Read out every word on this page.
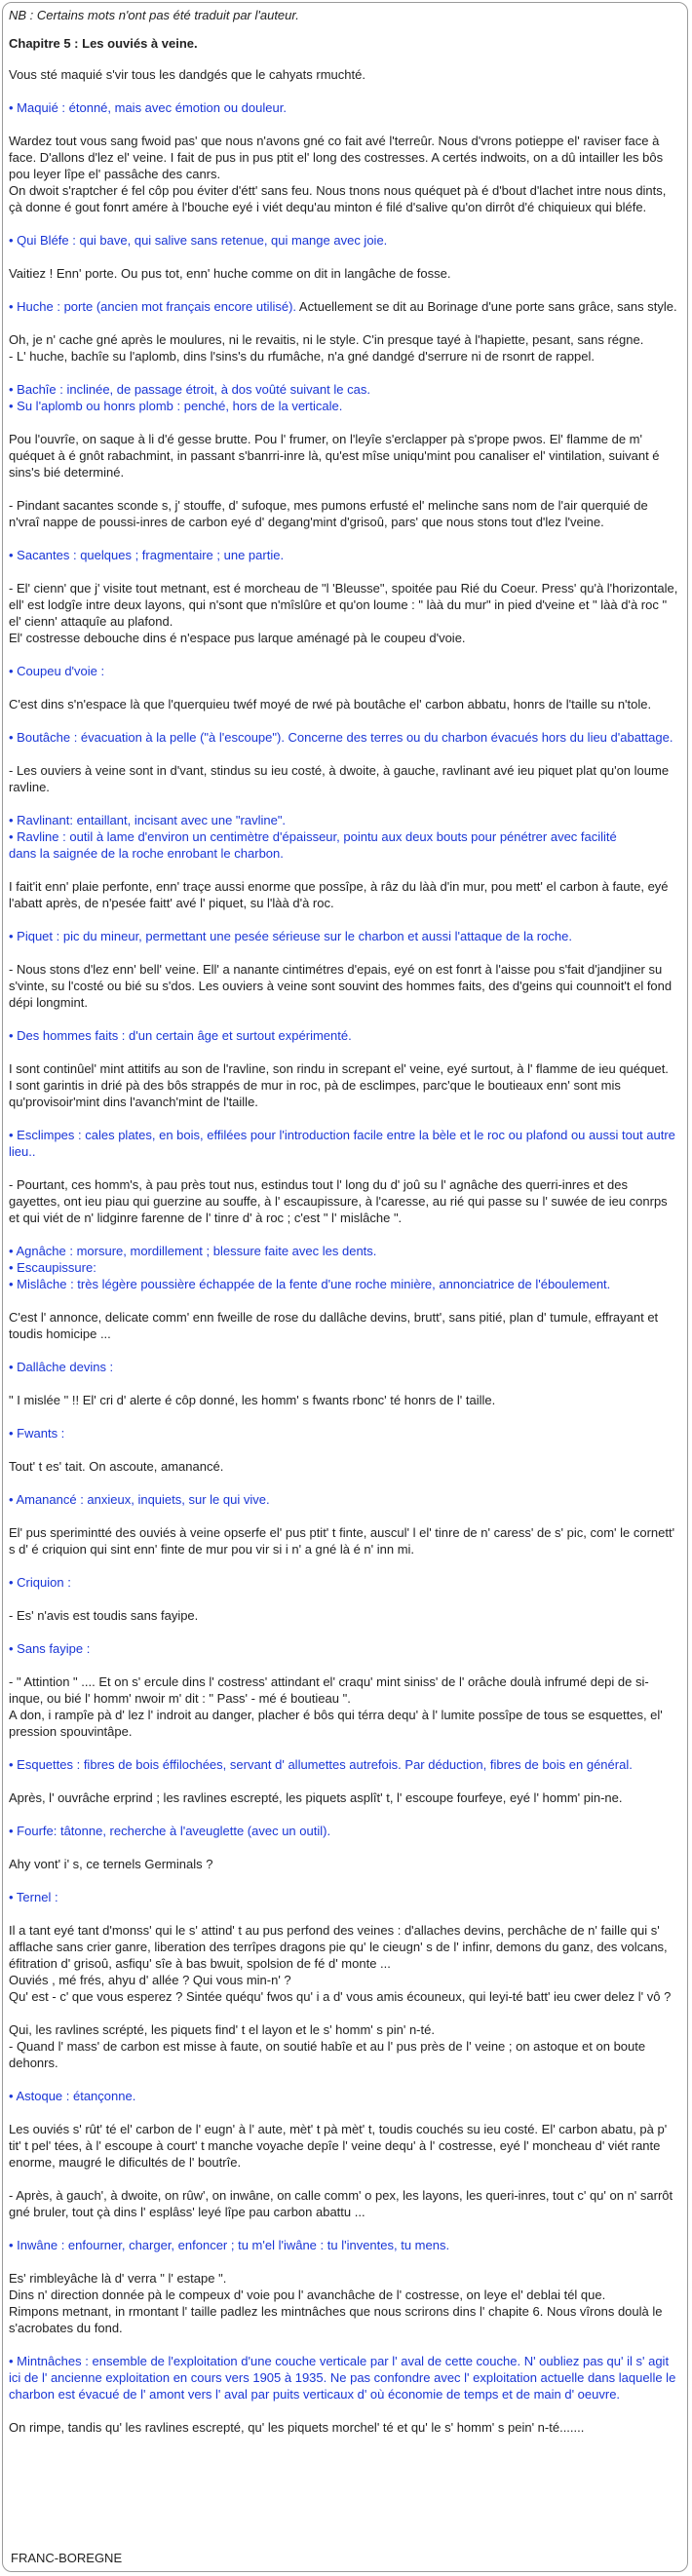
NB : Certains mots n'ont pas été traduit par l'auteur.
Chapitre 5 : Les ouviés à veine.

Vous sté maquié s'vir tous les dandgés que le cahyats rmuchté.

• Maquié : étonné, mais avec émotion ou douleur.

Wardez tout vous sang fwoid pas' que nous n'avons gné co fait avé l'terreûr. Nous d'vrons potieppe el' raviser face à face. D'allons d'lez el' veine. I fait de pus in pus ptit el' long des costresses. A certés indwoits, on a dû intailler les bôs pou leyer lîpe el' passâche des canrs.
On dwoit s'raptcher é fel côp pou éviter d'étt' sans feu. Nous tnons nous quéquet pà é d'bout d'lachet intre nous dints, çà donne é gout fonrt amére à l'bouche eyé i viét dequ'au minton é filé d'salive qu'on dirrôt d'é chiquieux qui bléfe.

• Qui Bléfe : qui bave, qui salive sans retenue, qui mange avec joie.

Vaitiez ! Enn' porte. Ou pus tot, enn' huche comme on dit in langâche de fosse.

• Huche : porte (ancien mot français encore utilisé). Actuellement se dit au Borinage d'une porte sans grâce, sans style.

Oh, je n' cache gné après le moulures, ni le revaitis, ni le style. C'in presque tayé à l'hapiette, pesant, sans régne.
- L' huche, bachîe su l'aplomb, dins l'sins's du rfumâche, n'a gné dandgé d'serrure ni de rsonrt de rappel.

• Bachîe : inclinée, de passage étroit, à dos voûté suivant le cas.
• Su l'aplomb ou honrs plomb : penché, hors de la verticale.

Pou l'ouvrîe, on saque à li d'é gesse brutte. Pou l' frumer, on l'leyîe s'erclapper pà s'prope pwos. El' flamme de m' quéquet à é gnôt rabachmint, in passant s'banrri-inre là, qu'est mîse uniqu'mint pou canaliser el' vintilation, suivant é sins's bié determiné.

- Pindant sacantes sconde s, j' stouffe, d' sufoque, mes pumons erfusté el' melinche sans nom de l'air querquié de n'vraî nappe de poussi-inres de carbon eyé d' degang'mint d'grisoû, pars' que nous stons tout d'lez l'veine.

• Sacantes : quelques ; fragmentaire ; une partie.

- El' cienn' que j' visite tout metnant, est é morcheau de "l 'Bleusse", spoitée pau Rié du Coeur. Press' qu'à l'horizontale, ell' est lodgîe intre deux layons, qui n'sont que n'mîslûre et qu'on loume : " làà du mur" in pied d'veine et " làà d'à roc " el' cienn' attaquîe au plafond.
El' costresse debouche dins é n'espace pus larque aménagé pà le coupeu d'voie.

• Coupeu d'voie :

C'est dins s'n'espace là que l'querquieu twéf moyé de rwé pà boutâche el' carbon abbatu, honrs de l'taille su n'tole.

• Boutâche : évacuation à la pelle ("à l'escoupe"). Concerne des terres ou du charbon évacués hors du lieu d'abattage.

- Les ouviers à veine sont in d'vant, stindus su ieu costé, à dwoite, à gauche, ravlinant avé ieu piquet plat qu'on loume ravline.

• Ravlinant: entaillant, incisant avec une "ravline".
• Ravline : outil à lame d'environ un centimètre d'épaisseur, pointu aux deux bouts pour pénétrer avec facilité
dans la saignée de la roche enrobant le charbon.

I fait'it enn' plaie perfonte, enn' traçe aussi enorme que possîpe, à râz du làà d'in mur, pou mett' el carbon à faute, eyé l'abatt après, de n'pesée faitt' avé l' piquet, su l'làà d'à roc.

• Piquet : pic du mineur, permettant une pesée sérieuse sur le charbon et aussi l'attaque de la roche.

- Nous stons d'lez enn' bell' veine. Ell' a nanante cintimétres d'epais, eyé on est fonrt à l'aisse pou s'fait d'jandjiner su s'vinte, su l'costé ou bié su s'dos. Les ouviers à veine sont souvint des hommes faits, des d'geins qui counnoit't el fond dépi longmint.

• Des hommes faits : d'un certain âge et surtout expérimenté.

I sont continûel' mint attitifs au son de l'ravline, son rindu in screpant el' veine, eyé surtout, à l' flamme de ieu quéquet.
I sont garintis in drié pà des bôs strappés de mur in roc, pà de esclimpes, parc'que le boutieaux enn' sont mis qu'provisoir'mint dins l'avanch'mint de l'taille.

• Esclimpes : cales plates, en bois, effilées pour l'introduction facile entre la bèle et le roc ou plafond ou aussi tout autre lieu..

- Pourtant, ces homm's, à pau près tout nus, estindus tout l' long du d' joû su l' agnâche des querri-inres et des gayettes, ont ieu piau qui guerzine au souffe, à l' escaupissure, à l'caresse, au rié qui passe su l' suwée de ieu conrps et qui viét de n' lidginre farenne de l' tinre d' à roc ; c'est " l' mislâche ".

• Agnâche : morsure, mordillement ; blessure faite avec les dents.
• Escaupissure:
• Mislâche : très légère poussière échappée de la fente d'une roche minière, annonciatrice de l'éboulement.

C'est l' annonce, delicate comm' enn fweille de rose du dallâche devins, brutt', sans pitié, plan d' tumule, effrayant et toudis homicipe ...

• Dallâche devins :

" I mislée " !! El' cri d' alerte é côp donné, les homm' s fwants rbonc' té honrs de l' taille.

• Fwants :

Tout' t es' tait. On ascoute, amanancé.

• Amanancé : anxieux, inquiets, sur le qui vive.

El' pus sperimintté des ouviés à veine opserfe el' pus ptit' t finte, auscul' l el' tinre de n' caress' de s' pic, com' le cornett' s d' é criquion qui sint enn' finte de mur pou vir si i n' a gné là é n' inn mi.

• Criquion :

- Es' n'avis est toudis sans fayipe.

• Sans fayipe :

- " Attintion " .... Et on s' ercule dins l' costress' attindant el' craqu' mint siniss' de l' orâche doulà infrumé depi de si-inque, ou bié l' homm' nwoir m' dit : " Pass' - mé é boutieau ".
A don, i rampîe pà d' lez l' indroit au danger, placher é bôs qui térra dequ' à l' lumite possîpe de tous se esquettes, el' pression spouvintâpe.

• Esquettes : fibres de bois éffilochées, servant d' allumettes autrefois. Par déduction, fibres de bois en général.

Après, l' ouvrâche erprind ; les ravlines escrepté, les piquets asplît' t, l' escoupe fourfeye, eyé l' homm' pin-ne.

• Fourfe: tâtonne, recherche à l'aveuglette (avec un outil).

Ahy vont' i' s, ce ternels Germinals ?

• Ternel :

Il a tant eyé tant d'monss' qui le s' attind' t au pus perfond des veines : d'allaches devins, perchâche de n' faille qui s' afflache sans crier ganre, liberation des terrîpes dragons pie qu' le cieugn' s de l' infinr, demons du ganz, des volcans, éfitration d' grisoû, asfiqu' sîe à bas bwuit, spolsion de fé d' monte ...
Ouviés , mé frés, ahyu d' allée ? Qui vous min-n' ?
Qu' est - c' que vous esperez ? Sintée quéqu' fwos qu' i a d' vous amis écouneux, qui leyi-té batt' ieu cwer delez l' vô ?

Qui, les ravlines scrépté, les piquets find' t el layon et le s' homm' s pin' n-té.
- Quand l' mass' de carbon est misse à faute, on soutié habîe et au l' pus près de l' veine ; on astoque et on boute dehonrs.

• Astoque : étançonne.

Les ouviés s' rût' té el' carbon de l' eugn' à l' aute, mèt' t pà mèt' t, toudis couchés su ieu costé. El' carbon abatu, pà p' tit' t pel' tées, à l' escoupe à court' t manche voyache depîe l' veine dequ' à l' costresse, eyé l' moncheau d' viét rante enorme, maugré le dificultés de l' boutrîe.

- Après, à gauch', à dwoite, on rûw', on inwâne, on calle comm' o pex, les layons, les queri-inres, tout c' qu' on n' sarrôt gné bruler, tout çà dins l' esplâss' leyé lîpe pau carbon abattu ...

• Inwâne : enfourner, charger, enfoncer ; tu m'el l'iwâne : tu l'inventes, tu mens.

Es' rimbleyâche là d' verra " l' estape ".
Dins n' direction donnée pà le compeux d' voie pou l' avanchâche de l' costresse, on leye el' deblai tél que.
Rimpons metnant, in rmontant l' taille padlez les mintnâches que nous scrirons dins l' chapite 6. Nous vîrons doulà le s'acrobates du fond.

• Mintnâches : ensemble de l'exploitation d'une couche verticale par l' aval de cette couche. N' oubliez pas qu' il s' agit ici de l' ancienne exploitation en cours vers 1905 à 1935. Ne pas confondre avec l' exploitation actuelle dans laquelle le charbon est évacué de l' amont vers l' aval par puits verticaux d' où économie de temps et de main d' oeuvre.

On rimpe, tandis qu' les ravlines escrepté, qu' les piquets morchel' té et qu' le s' homm' s pein' n-té.......

FRANC-BOREGNE
